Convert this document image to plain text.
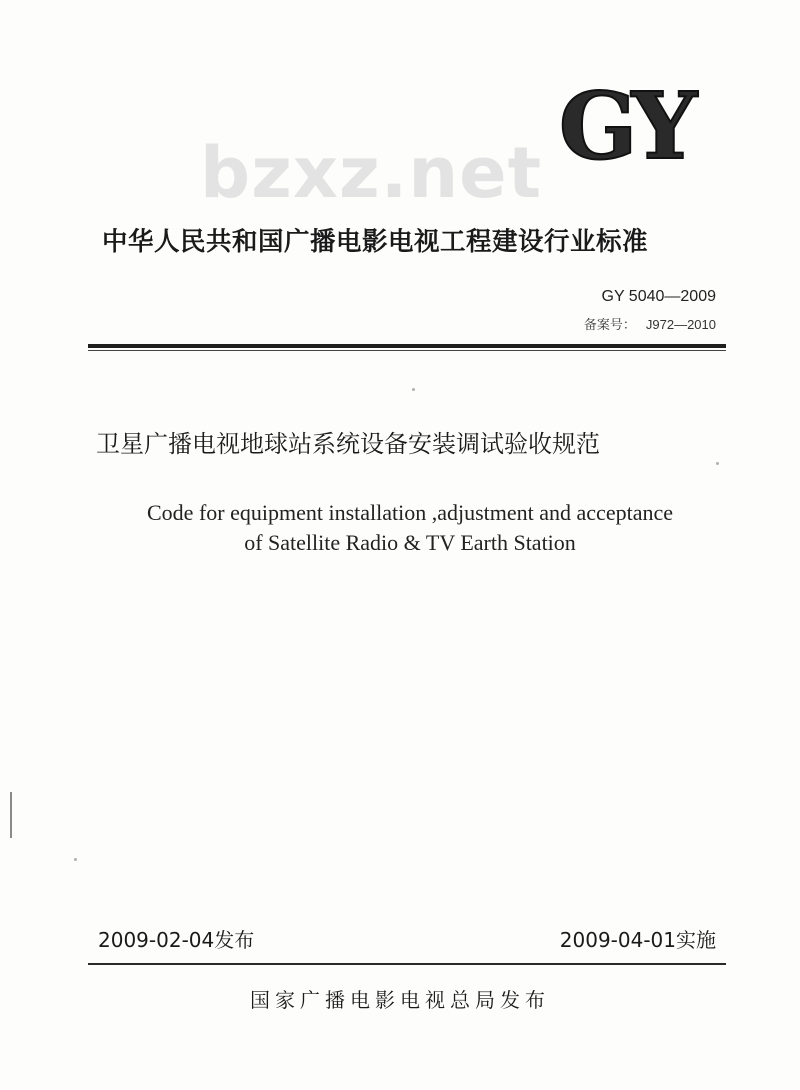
GY
bzxz.net
中华人民共和国广播电影电视工程建设行业标准
GY 5040—2009
备案号： J972—2010
卫星广播电视地球站系统设备安装调试验收规范
Code for equipment installation ,adjustment and acceptance
of Satellite Radio & TV Earth Station
2009-02-04发布	2009-04-01实施
国家广播电影电视总局发布
